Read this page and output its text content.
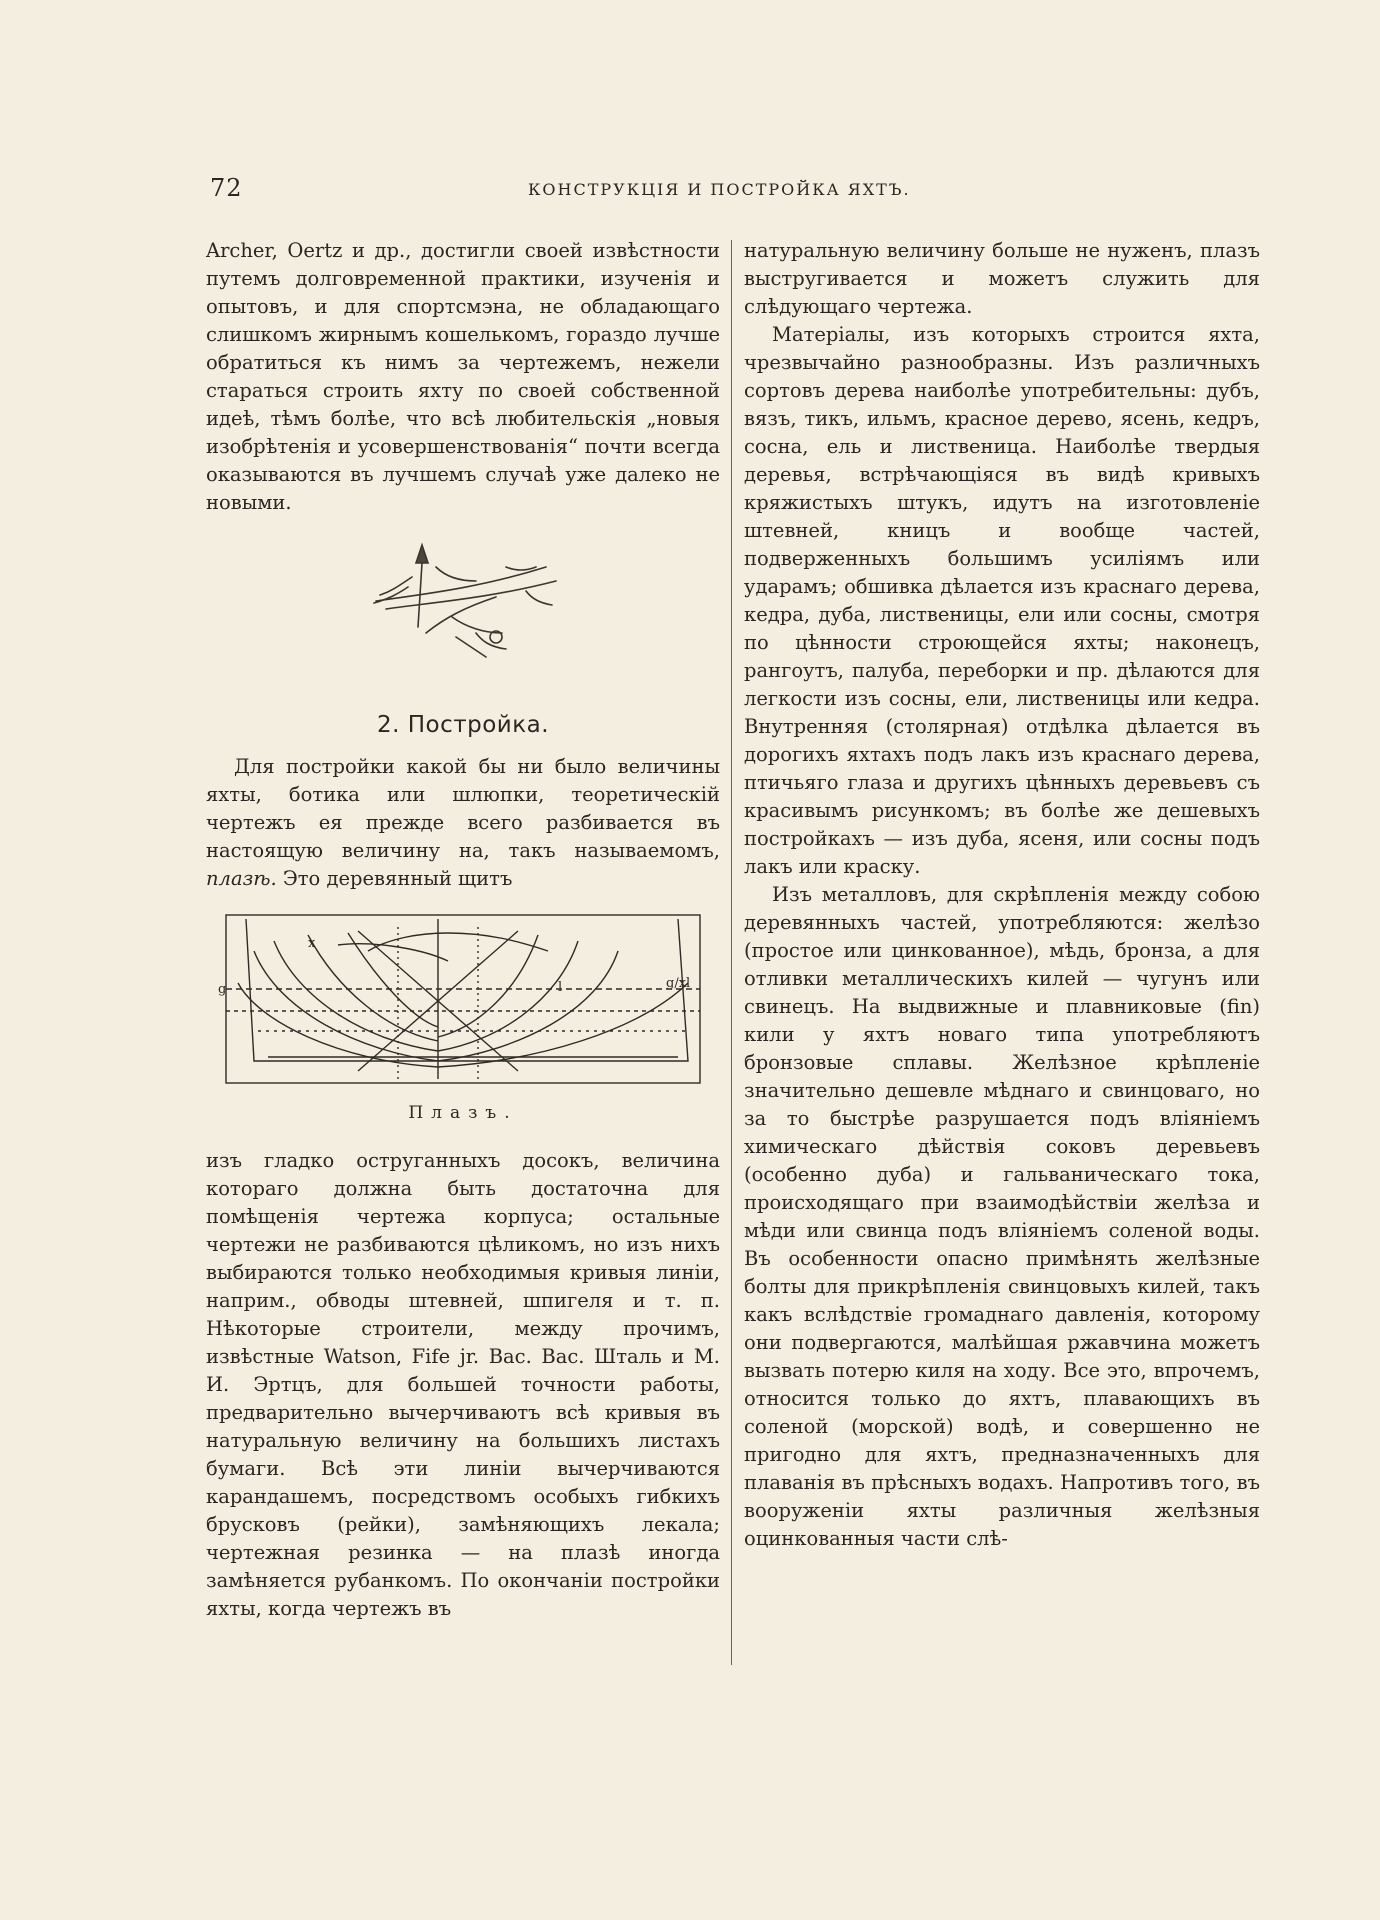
72	КОНСТРУКЦІЯ И ПОСТРОЙКА ЯХТЪ.

Archer, Oertz и др., достигли своей извѣстности путемъ долговременной практики, изученія и опытовъ, и для спортсмэна, не обладающаго слишкомъ жирнымъ кошелькомъ, гораздо лучше обратиться къ нимъ за чертежемъ, нежели стараться строить яхту по своей собственной идеѣ, тѣмъ болѣе, что всѣ любительскія „новыя изобрѣтенія и усовершенствованія“ почти всегда оказываются въ лучшемъ случаѣ уже далеко не новыми.

2. Постройка.

Для постройки какой бы ни было величины яхты, ботика или шлюпки, теоретическій чертежъ ея прежде всего разбивается въ настоящую величину на, такъ называемомъ, плазѣ. Это деревянный щитъ

g	g/xl
x
l
Плазъ.

изъ гладко оструганныхъ досокъ, величина котораго должна быть достаточна для помѣщенія чертежа корпуса; остальные чертежи не разбиваются цѣликомъ, но изъ нихъ выбираются только необходимыя кривыя линіи, наприм., обводы штевней, шпигеля и т. п. Нѣкоторые строители, между прочимъ, извѣстные Watson, Fife jr. Вас. Вас. Шталь и М. И. Эртцъ, для большей точности работы, предварительно вычерчиваютъ всѣ кривыя въ натуральную величину на большихъ листахъ бумаги. Всѣ эти линіи вычерчиваются карандашемъ, посредствомъ особыхъ гибкихъ брусковъ (рейки), замѣняющихъ лекала; чертежная резинка — на плазѣ иногда замѣняется рубанкомъ. По окончаніи постройки яхты, когда чертежъ въ

натуральную величину больше не нуженъ, плазъ выстругивается и можетъ служить для слѣдующаго чертежа.

Матеріалы, изъ которыхъ строится яхта, чрезвычайно разнообразны. Изъ различныхъ сортовъ дерева наиболѣе употребительны: дубъ, вязъ, тикъ, ильмъ, красное дерево, ясень, кедръ, сосна, ель и лиственица. Наиболѣе твердыя деревья, встрѣчающіяся въ видѣ кривыхъ кряжистыхъ штукъ, идутъ на изготовленіе штевней, кницъ и вообще частей, подверженныхъ большимъ усиліямъ или ударамъ; обшивка дѣлается изъ краснаго дерева, кедра, дуба, лиственицы, ели или сосны, смотря по цѣнности строющейся яхты; наконецъ, рангоутъ, палуба, переборки и пр. дѣлаются для легкости изъ сосны, ели, лиственицы или кедра. Внутренняя (столярная) отдѣлка дѣлается въ дорогихъ яхтахъ подъ лакъ изъ краснаго дерева, птичьяго глаза и другихъ цѣнныхъ деревьевъ съ красивымъ рисункомъ; въ болѣе же дешевыхъ постройкахъ — изъ дуба, ясеня, или сосны подъ лакъ или краску.

Изъ металловъ, для скрѣпленія между собою деревянныхъ частей, употребляются: желѣзо (простое или цинкованное), мѣдь, бронза, а для отливки металлическихъ килей — чугунъ или свинецъ. На выдвижные и плавниковые (fin) кили у яхтъ новаго типа употребляютъ бронзовые сплавы. Желѣзное крѣпленіе значительно дешевле мѣднаго и свинцоваго, но за то быстрѣе разрушается подъ вліяніемъ химическаго дѣйствія соковъ деревьевъ (особенно дуба) и гальваническаго тока, происходящаго при взаимодѣйствіи желѣза и мѣди или свинца подъ вліяніемъ соленой воды. Въ особенности опасно примѣнять желѣзные болты для прикрѣпленія свинцовыхъ килей, такъ какъ вслѣдствіе громаднаго давленія, которому они подвергаются, малѣйшая ржавчина можетъ вызвать потерю киля на ходу. Все это, впрочемъ, относится только до яхтъ, плавающихъ въ соленой (морской) водѣ, и совершенно не пригодно для яхтъ, предназначенныхъ для плаванія въ прѣсныхъ водахъ. Напротивъ того, въ вооруженіи яхты различныя желѣзныя оцинкованныя части слѣ-
